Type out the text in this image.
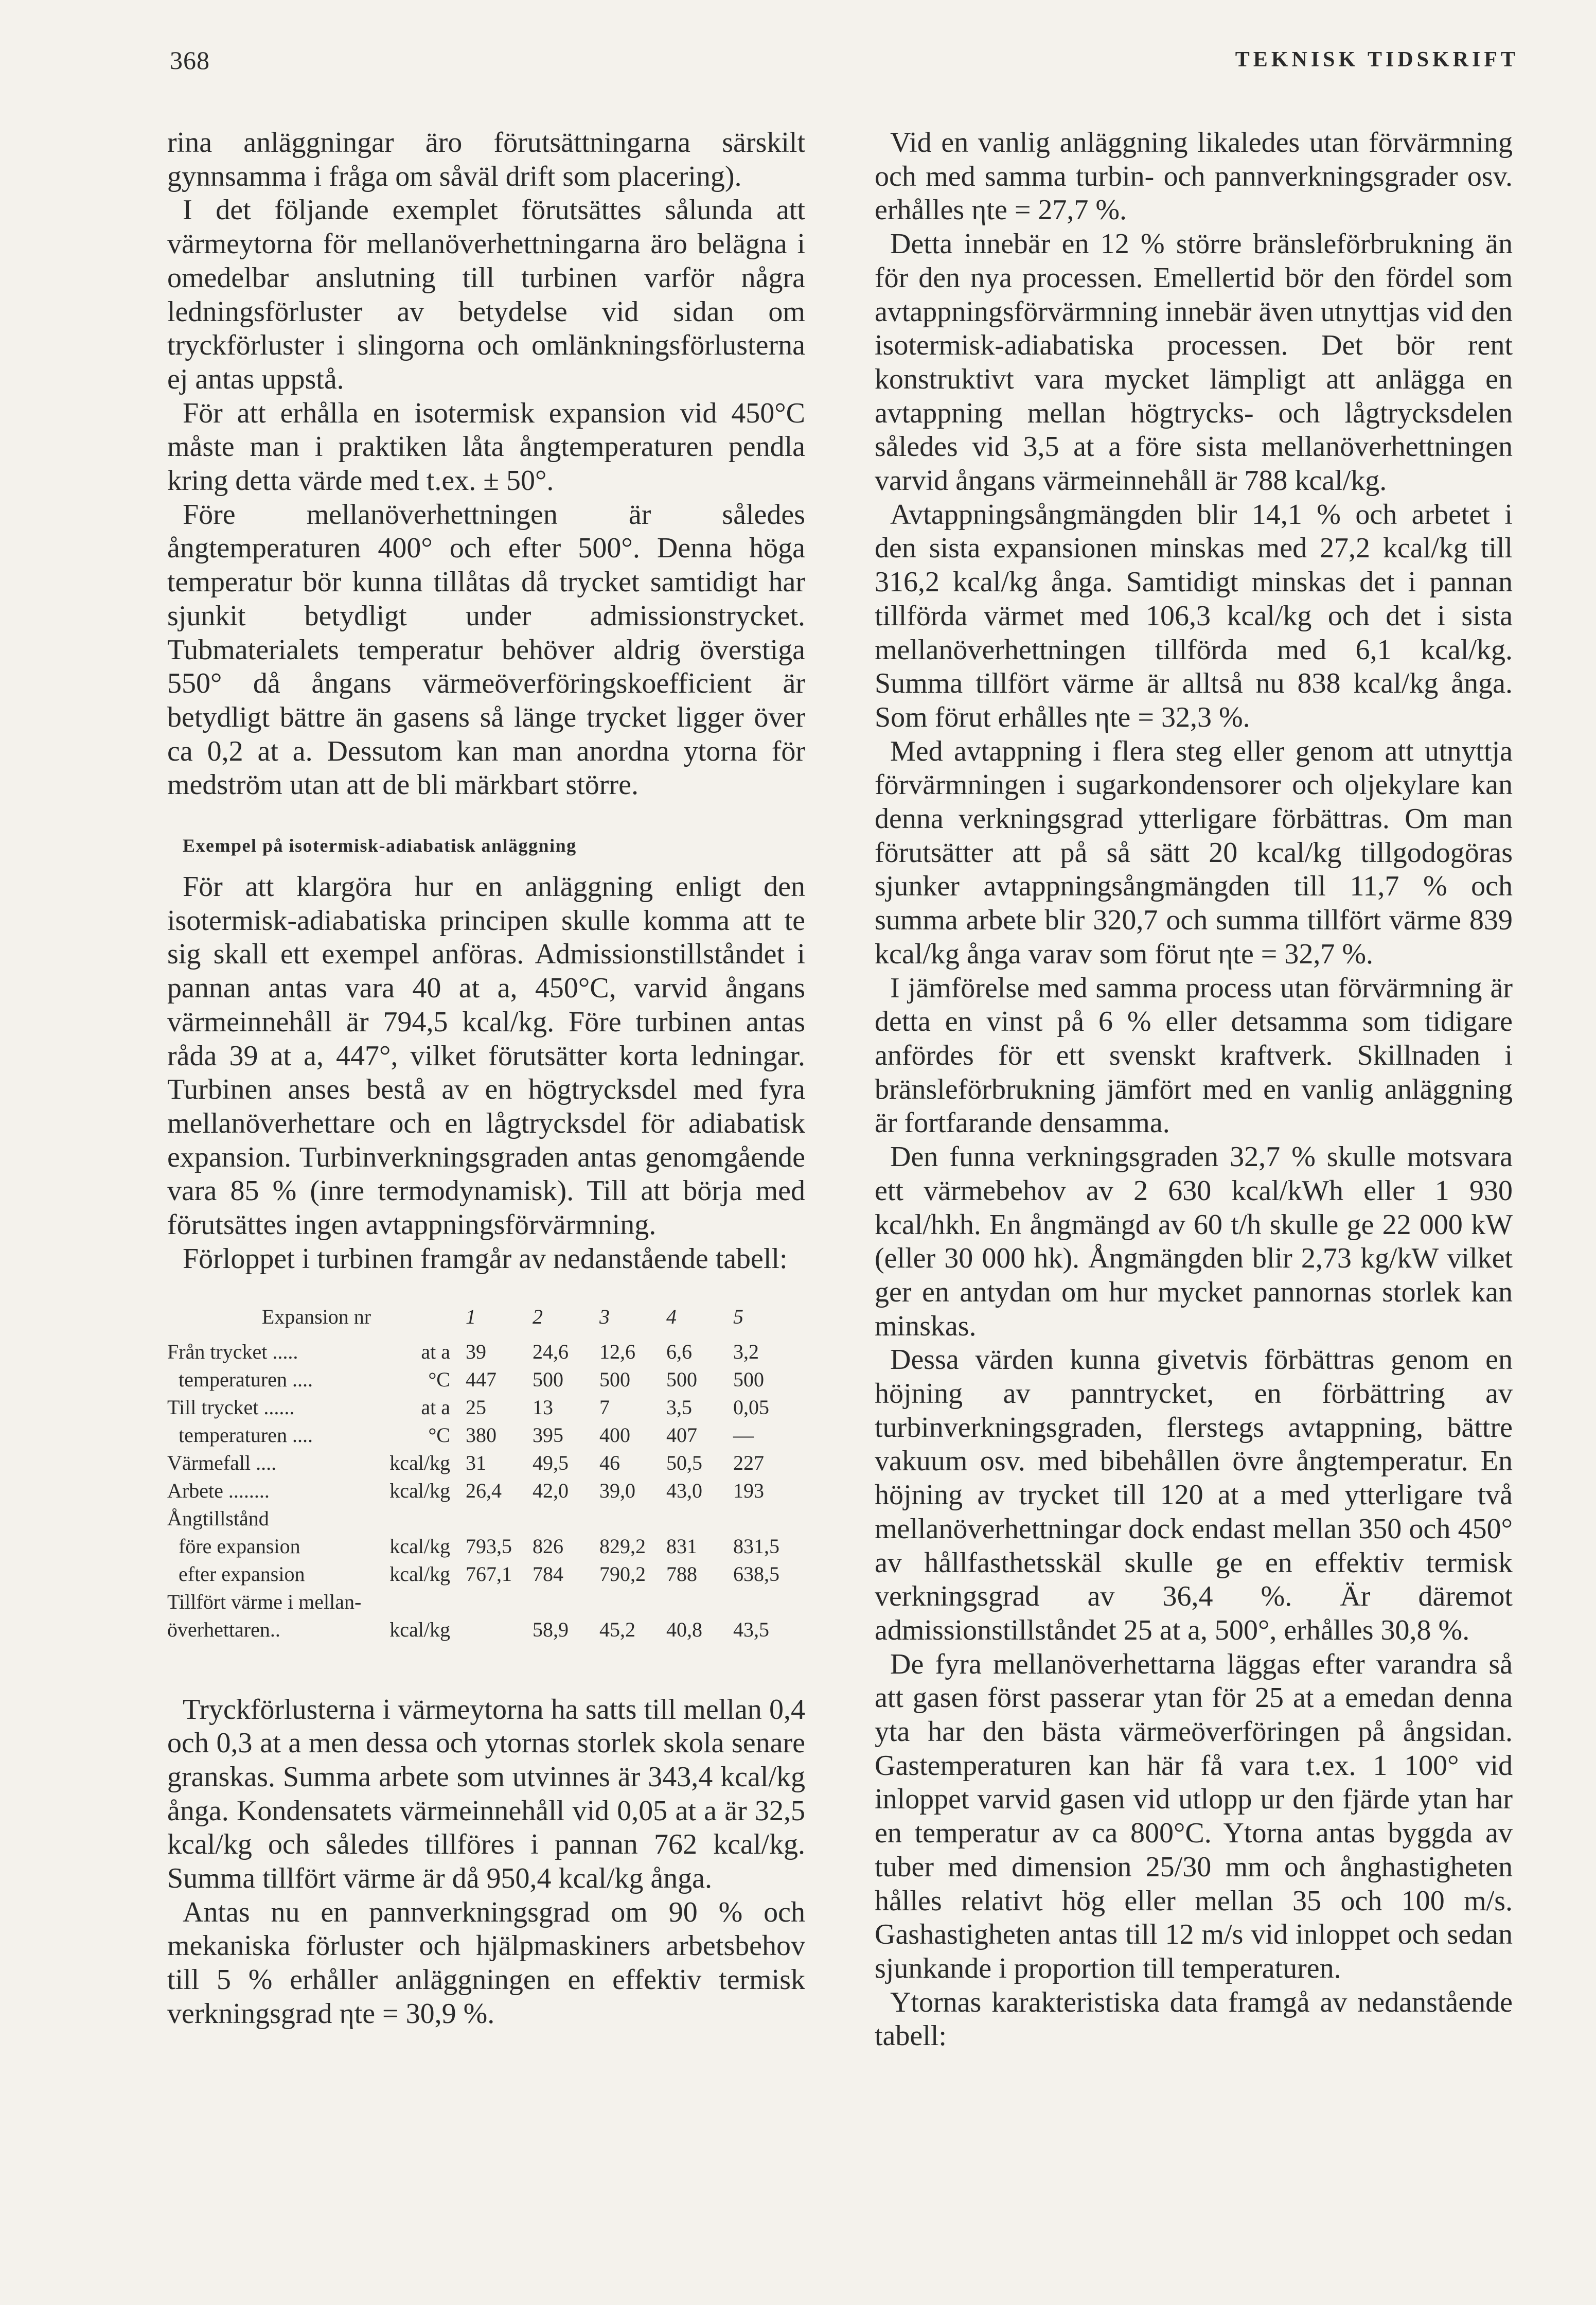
368	TEKNISK TIDSKRIFT

rina anläggningar äro förutsättningarna särskilt gynnsamma i fråga om såväl drift som placering).

I det följande exemplet förutsättes sålunda att värmeytorna för mellanöverhettningarna äro belägna i omedelbar anslutning till turbinen varför några ledningsförluster av betydelse vid sidan om tryckförluster i slingorna och omlänkningsförlusterna ej antas uppstå.

För att erhålla en isotermisk expansion vid 450°C måste man i praktiken låta ångtemperaturen pendla kring detta värde med t.ex. ± 50°.

Före mellanöverhettningen är således ångtemperaturen 400° och efter 500°. Denna höga temperatur bör kunna tillåtas då trycket samtidigt har sjunkit betydligt under admissionstrycket. Tubmaterialets temperatur behöver aldrig överstiga 550° då ångans värmeöverföringskoefficient är betydligt bättre än gasens så länge trycket ligger över ca 0,2 at a. Dessutom kan man anordna ytorna för medström utan att de bli märkbart större.

Exempel på isotermisk-adiabatisk anläggning

För att klargöra hur en anläggning enligt den isotermisk-adiabatiska principen skulle komma att te sig skall ett exempel anföras. Admissionstillståndet i pannan antas vara 40 at a, 450°C, varvid ångans värmeinnehåll är 794,5 kcal/kg. Före turbinen antas råda 39 at a, 447°, vilket förutsätter korta ledningar. Turbinen anses bestå av en högtrycksdel med fyra mellanöverhettare och en lågtrycksdel för adiabatisk expansion. Turbinverkningsgraden antas genomgående vara 85 % (inre termodynamisk). Till att börja med förutsättes ingen avtappningsförvärmning.

Förloppet i turbinen framgår av nedanstående tabell:

Expansion nr		1	2	3	4	5
Från trycket .....	at a	39	24,6	12,6	6,6	3,2
temperaturen ....	°C	447	500	500	500	500
Till trycket ......	at a	25	13	7	3,5	0,05
temperaturen ....	°C	380	395	400	407	—
Värmefall ....	kcal/kg	31	49,5	46	50,5	227
Arbete ........	kcal/kg	26,4	42,0	39,0	43,0	193
Ångtillstånd						
före expansion	kcal/kg	793,5	826	829,2	831	831,5
efter expansion	kcal/kg	767,1	784	790,2	788	638,5
Tillfört värme i mellan-						
överhettaren..	kcal/kg		58,9	45,2	40,8	43,5

Tryckförlusterna i värmeytorna ha satts till mellan 0,4 och 0,3 at a men dessa och ytornas storlek skola senare granskas. Summa arbete som utvinnes är 343,4 kcal/kg ånga. Kondensatets värmeinnehåll vid 0,05 at a är 32,5 kcal/kg och således tillföres i pannan 762 kcal/kg. Summa tillfört värme är då 950,4 kcal/kg ånga.

Antas nu en pannverkningsgrad om 90 % och mekaniska förluster och hjälpmaskiners arbetsbehov till 5 % erhåller anläggningen en effektiv termisk verkningsgrad ηte = 30,9 %.

Vid en vanlig anläggning likaledes utan förvärmning och med samma turbin- och pannverkningsgrader osv. erhålles ηte = 27,7 %.

Detta innebär en 12 % större bränsleförbrukning än för den nya processen. Emellertid bör den fördel som avtappningsförvärmning innebär även utnyttjas vid den isotermisk-adiabatiska processen. Det bör rent konstruktivt vara mycket lämpligt att anlägga en avtappning mellan högtrycks- och lågtrycksdelen således vid 3,5 at a före sista mellanöverhettningen varvid ångans värmeinnehåll är 788 kcal/kg.

Avtappningsångmängden blir 14,1 % och arbetet i den sista expansionen minskas med 27,2 kcal/kg till 316,2 kcal/kg ånga. Samtidigt minskas det i pannan tillförda värmet med 106,3 kcal/kg och det i sista mellanöverhettningen tillförda med 6,1 kcal/kg. Summa tillfört värme är alltså nu 838 kcal/kg ånga. Som förut erhålles ηte = 32,3 %.

Med avtappning i flera steg eller genom att utnyttja förvärmningen i sugarkondensorer och oljekylare kan denna verkningsgrad ytterligare förbättras. Om man förutsätter att på så sätt 20 kcal/kg tillgodogöras sjunker avtappningsångmängden till 11,7 % och summa arbete blir 320,7 och summa tillfört värme 839 kcal/kg ånga varav som förut ηte = 32,7 %.

I jämförelse med samma process utan förvärmning är detta en vinst på 6 % eller detsamma som tidigare anfördes för ett svenskt kraftverk. Skillnaden i bränsleförbrukning jämfört med en vanlig anläggning är fortfarande densamma.

Den funna verkningsgraden 32,7 % skulle motsvara ett värmebehov av 2 630 kcal/kWh eller 1 930 kcal/hkh. En ångmängd av 60 t/h skulle ge 22 000 kW (eller 30 000 hk). Ångmängden blir 2,73 kg/kW vilket ger en antydan om hur mycket pannornas storlek kan minskas.

Dessa värden kunna givetvis förbättras genom en höjning av panntrycket, en förbättring av turbinverkningsgraden, flerstegs avtappning, bättre vakuum osv. med bibehållen övre ångtemperatur. En höjning av trycket till 120 at a med ytterligare två mellanöverhettningar dock endast mellan 350 och 450° av hållfasthetsskäl skulle ge en effektiv termisk verkningsgrad av 36,4 %. Är däremot admissionstillståndet 25 at a, 500°, erhålles 30,8 %.

De fyra mellanöverhettarna läggas efter varandra så att gasen först passerar ytan för 25 at a emedan denna yta har den bästa värmeöverföringen på ångsidan. Gastemperaturen kan här få vara t.ex. 1 100° vid inloppet varvid gasen vid utlopp ur den fjärde ytan har en temperatur av ca 800°C. Ytorna antas byggda av tuber med dimension 25/30 mm och ånghastigheten hålles relativt hög eller mellan 35 och 100 m/s. Gashastigheten antas till 12 m/s vid inloppet och sedan sjunkande i proportion till temperaturen.

Ytornas karakteristiska data framgå av nedanstående tabell:
